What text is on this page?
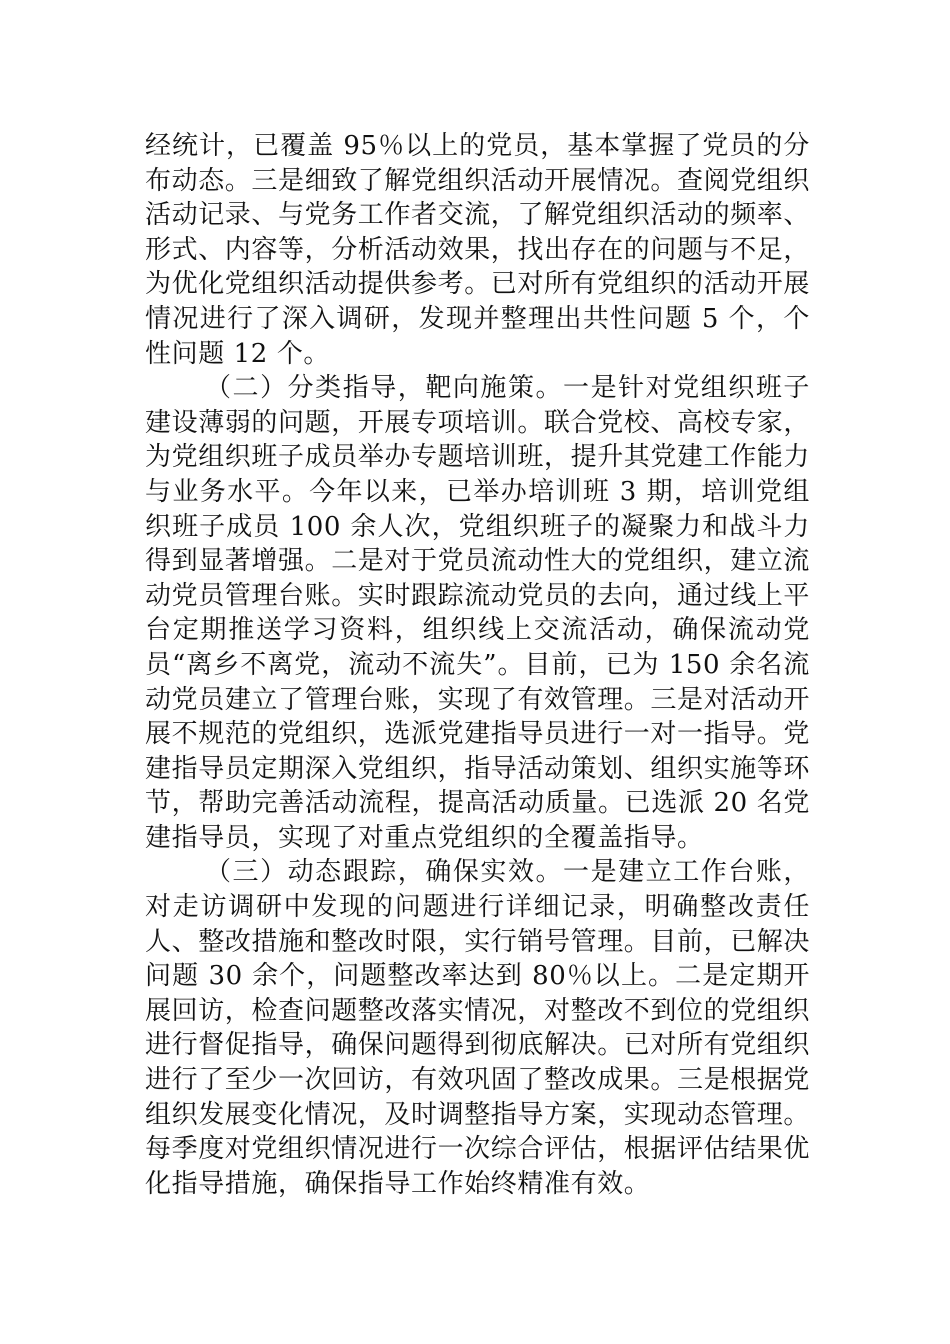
经统计，已覆盖 95％以上的党员，基本掌握了党员的分布动态。三是细致了解党组织活动开展情况。查阅党组织活动记录、与党务工作者交流，了解党组织活动的频率、形式、内容等，分析活动效果，找出存在的问题与不足，为优化党组织活动提供参考。已对所有党组织的活动开展情况进行了深入调研，发现并整理出共性问题 5 个，个性问题 12 个。

（二）分类指导，靶向施策。一是针对党组织班子建设薄弱的问题，开展专项培训。联合党校、高校专家，为党组织班子成员举办专题培训班，提升其党建工作能力与业务水平。今年以来，已举办培训班 3 期，培训党组织班子成员 100 余人次，党组织班子的凝聚力和战斗力得到显著增强。二是对于党员流动性大的党组织，建立流动党员管理台账。实时跟踪流动党员的去向，通过线上平台定期推送学习资料，组织线上交流活动，确保流动党员“离乡不离党，流动不流失”。目前，已为 150 余名流动党员建立了管理台账，实现了有效管理。三是对活动开展不规范的党组织，选派党建指导员进行一对一指导。党建指导员定期深入党组织，指导活动策划、组织实施等环节，帮助完善活动流程，提高活动质量。已选派 20 名党建指导员，实现了对重点党组织的全覆盖指导。

（三）动态跟踪，确保实效。一是建立工作台账，对走访调研中发现的问题进行详细记录，明确整改责任人、整改措施和整改时限，实行销号管理。目前，已解决问题 30 余个，问题整改率达到 80％以上。二是定期开展回访，检查问题整改落实情况，对整改不到位的党组织进行督促指导，确保问题得到彻底解决。已对所有党组织进行了至少一次回访，有效巩固了整改成果。三是根据党组织发展变化情况，及时调整指导方案，实现动态管理。每季度对党组织情况进行一次综合评估，根据评估结果优化指导措施，确保指导工作始终精准有效。
